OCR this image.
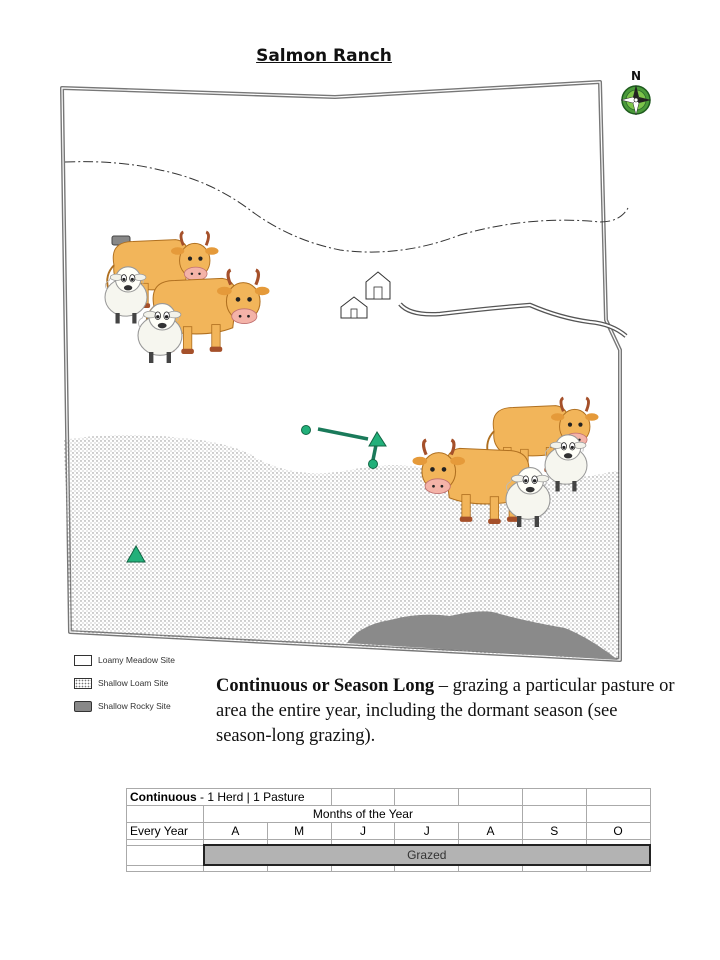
Salmon Ranch
N
Loamy Meadow Site
Shallow Loam Site
Shallow Rocky Site
Continuous or Season Long – grazing a particular pasture or area the entire year, including the dormant season (see season-long grazing).
Continuous - 1 Herd | 1 Pasture							
	Months of the Year						
Every Year	A	M	J	J	A	S	O

	Grazed						
